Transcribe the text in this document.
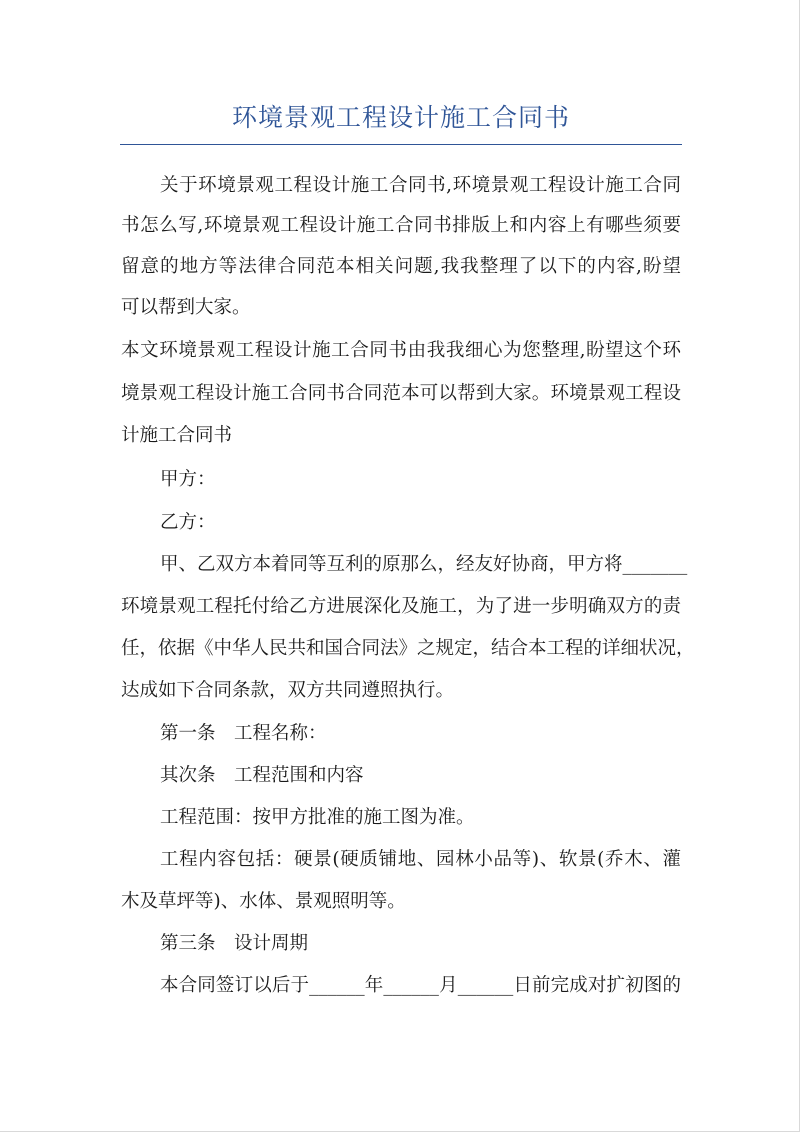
环境景观工程设计施工合同书

关于环境景观工程设计施工合同书,环境景观工程设计施工合同

书怎么写,环境景观工程设计施工合同书排版上和内容上有哪些须要

留意的地方等法律合同范本相关问题,我我整理了以下的内容,盼望

可以帮到大家。

本文环境景观工程设计施工合同书由我我细心为您整理,盼望这个环

境景观工程设计施工合同书合同范本可以帮到大家。环境景观工程设

计施工合同书

甲方：

乙方：

甲、乙双方本着同等互利的原那么，经友好协商，甲方将_______

环境景观工程托付给乙方进展深化及施工，为了进一步明确双方的责

任，依据《中华人民共和国合同法》之规定，结合本工程的详细状况，

达成如下合同条款，双方共同遵照执行。

第一条　工程名称：

其次条　工程范围和内容

工程范围：按甲方批准的施工图为准。

工程内容包括：硬景(硬质铺地、园林小品等)、软景(乔木、灌

木及草坪等)、水体、景观照明等。

第三条　设计周期

本合同签订以后于______年______月______日前完成对扩初图的
